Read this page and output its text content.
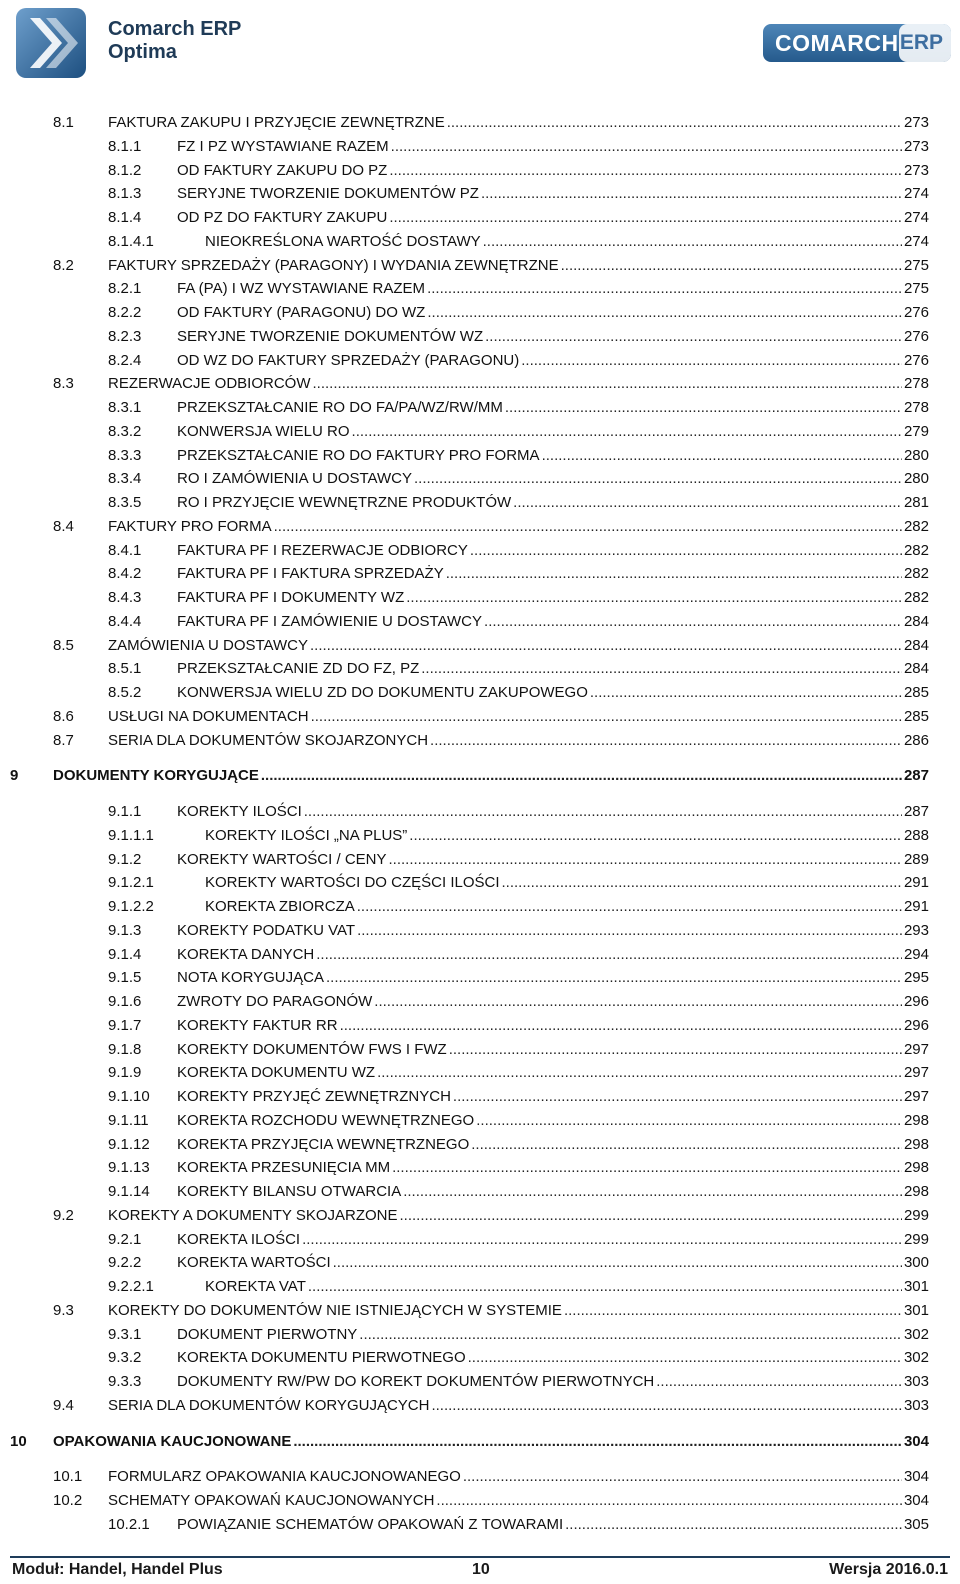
Comarch ERP
Optima	COMARCH ERP
8.1 FAKTURA ZAKUPU I PRZYJĘCIE ZEWNĘTRZNE .....	273
8.1.1 FZ I PZ WYSTAWIANE RAZEM .....	273
8.1.2 OD FAKTURY ZAKUPU DO PZ .....	273
8.1.3 SERYJNE TWORZENIE DOKUMENTÓW PZ .....	274
8.1.4 OD PZ DO FAKTURY ZAKUPU .....	274
8.1.4.1	NIEOKREŚLONA WARTOŚĆ DOSTAWY .....	274
8.2 FAKTURY SPRZEDAŻY (PARAGONY) I WYDANIA ZEWNĘTRZNE .....	275
8.2.1 FA (PA) I WZ WYSTAWIANE RAZEM .....	275
8.2.2 OD FAKTURY (PARAGONU) DO WZ .....	276
8.2.3 SERYJNE TWORZENIE DOKUMENTÓW WZ .....	276
8.2.4 OD WZ DO FAKTURY SPRZEDAŻY (PARAGONU) .....	276
8.3 REZERWACJE ODBIORCÓW .....	278
8.3.1 PRZEKSZTAŁCANIE RO DO FA/PA/WZ/RW/MM .....	278
8.3.2 KONWERSJA WIELU RO .....	279
8.3.3 PRZEKSZTAŁCANIE RO DO FAKTURY PRO FORMA .....	280
8.3.4 RO I ZAMÓWIENIA U DOSTAWCY .....	280
8.3.5 RO I PRZYJĘCIE WEWNĘTRZNE PRODUKTÓW .....	281
8.4 FAKTURY PRO FORMA .....	282
8.4.1 FAKTURA PF I REZERWACJE ODBIORCY .....	282
8.4.2 FAKTURA PF I FAKTURA SPRZEDAŻY .....	282
8.4.3 FAKTURA PF I DOKUMENTY WZ .....	282
8.4.4 FAKTURA PF I ZAMÓWIENIE U DOSTAWCY .....	284
8.5 ZAMÓWIENIA U DOSTAWCY .....	284
8.5.1 PRZEKSZTAŁCANIE ZD DO FZ, PZ .....	284
8.5.2 KONWERSJA WIELU ZD DO DOKUMENTU ZAKUPOWEGO .....	285
8.6 USŁUGI NA DOKUMENTACH .....	285
8.7 SERIA DLA DOKUMENTÓW SKOJARZONYCH .....	286
9 DOKUMENTY KORYGUJĄCE .....	287
9.1.1 KOREKTY ILOŚCI .....	287
9.1.1.1	KOREKTY ILOŚCI „NA PLUS” .....	288
9.1.2 KOREKTY WARTOŚCI / CENY .....	289
9.1.2.1	KOREKTY WARTOŚCI DO CZĘŚCI ILOŚCI .....	291
9.1.2.2	KOREKTA ZBIORCZA .....	291
9.1.3 KOREKTY PODATKU VAT .....	293
9.1.4 KOREKTA DANYCH .....	294
9.1.5 NOTA KORYGUJĄCA .....	295
9.1.6 ZWROTY DO PARAGONÓW .....	296
9.1.7 KOREKTY FAKTUR RR .....	296
9.1.8 KOREKTY DOKUMENTÓW FWS I FWZ .....	297
9.1.9 KOREKTA DOKUMENTU WZ .....	297
9.1.10 KOREKTY PRZYJĘĆ ZEWNĘTRZNYCH .....	297
9.1.11 KOREKTA ROZCHODU WEWNĘTRZNEGO .....	298
9.1.12 KOREKTA PRZYJĘCIA WEWNĘTRZNEGO .....	298
9.1.13 KOREKTA PRZESUNIĘCIA MM .....	298
9.1.14 KOREKTY BILANSU OTWARCIA .....	298
9.2 KOREKTY A DOKUMENTY SKOJARZONE .....	299
9.2.1 KOREKTA ILOŚCI .....	299
9.2.2 KOREKTA WARTOŚCI .....	300
9.2.2.1	KOREKTA VAT .....	301
9.3 KOREKTY DO DOKUMENTÓW NIE ISTNIEJĄCYCH W SYSTEMIE .....	301
9.3.1 DOKUMENT PIERWOTNY .....	302
9.3.2 KOREKTA DOKUMENTU PIERWOTNEGO .....	302
9.3.3 DOKUMENTY RW/PW DO KOREKT DOKUMENTÓW PIERWOTNYCH .....	303
9.4 SERIA DLA DOKUMENTÓW KORYGUJĄCYCH .....	303
10 OPAKOWANIA KAUCJONOWANE .....	304
10.1 FORMULARZ OPAKOWANIA KAUCJONOWANEGO .....	304
10.2 SCHEMATY OPAKOWAŃ KAUCJONOWANYCH .....	304
10.2.1 POWIĄZANIE SCHEMATÓW OPAKOWAŃ Z TOWARAMI .....	305
Moduł: Handel, Handel Plus	10	Wersja 2016.0.1
